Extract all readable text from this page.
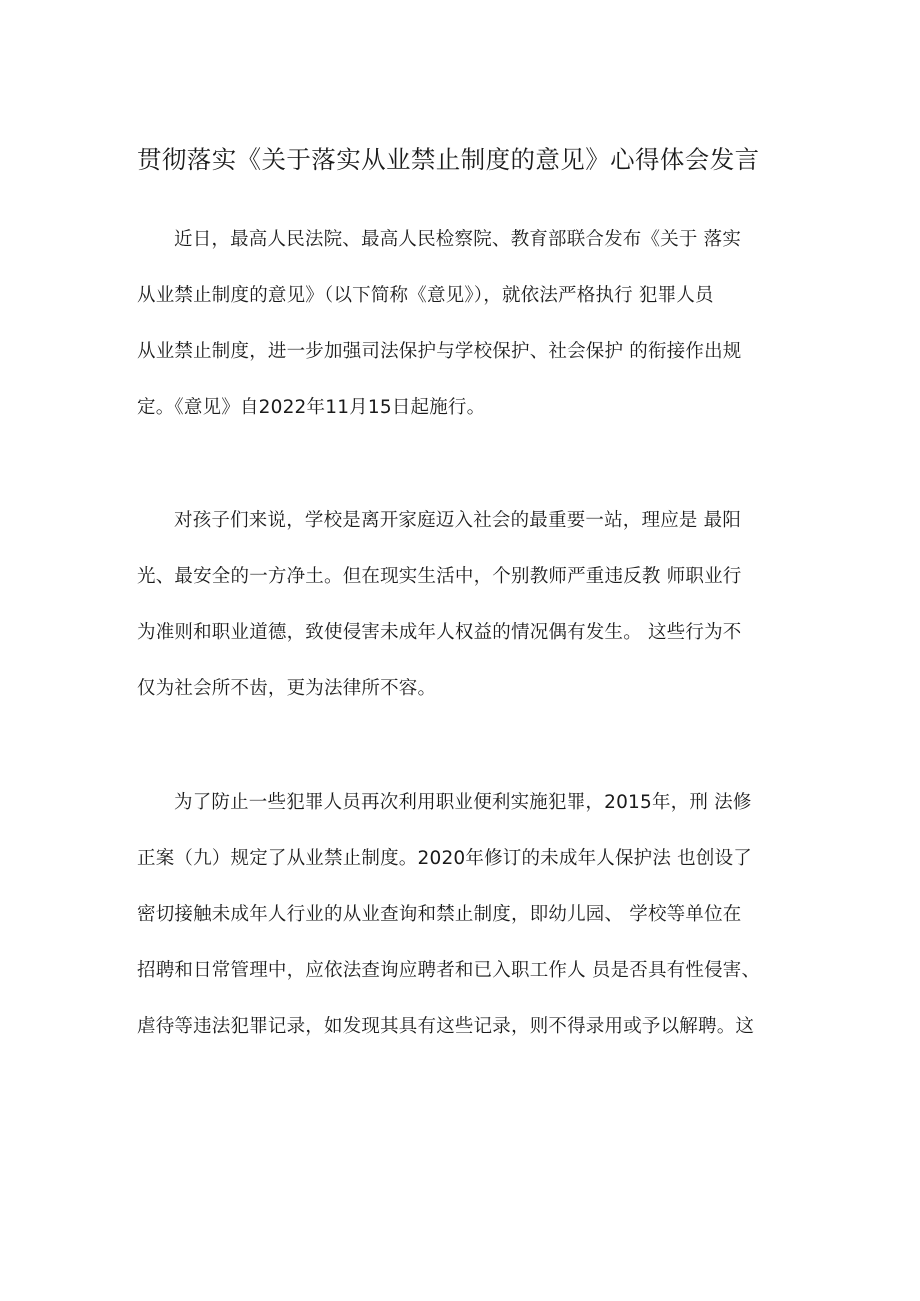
贯彻落实《关于落实从业禁止制度的意见》心得体会发言
近日，最高人民法院、最高人民检察院、教育部联合发布《关于 落实
从业禁止制度的意见》（以下简称《意见》），就依法严格执行 犯罪人员
从业禁止制度，进一步加强司法保护与学校保护、社会保护 的衔接作出规
定。《意见》自2022年11月15日起施行。
对孩子们来说，学校是离开家庭迈入社会的最重要一站，理应是 最阳
光、最安全的一方净土。但在现实生活中，个别教师严重违反教 师职业行
为准则和职业道德，致使侵害未成年人权益的情况偶有发生。 这些行为不
仅为社会所不齿，更为法律所不容。
为了防止一些犯罪人员再次利用职业便利实施犯罪，2015年，刑 法修
正案（九）规定了从业禁止制度。2020年修订的未成年人保护法 也创设了
密切接触未成年人行业的从业查询和禁止制度，即幼儿园、 学校等单位在
招聘和日常管理中，应依法查询应聘者和已入职工作人 员是否具有性侵害、
虐待等违法犯罪记录，如发现其具有这些记录，则不得录用或予以解聘。这
